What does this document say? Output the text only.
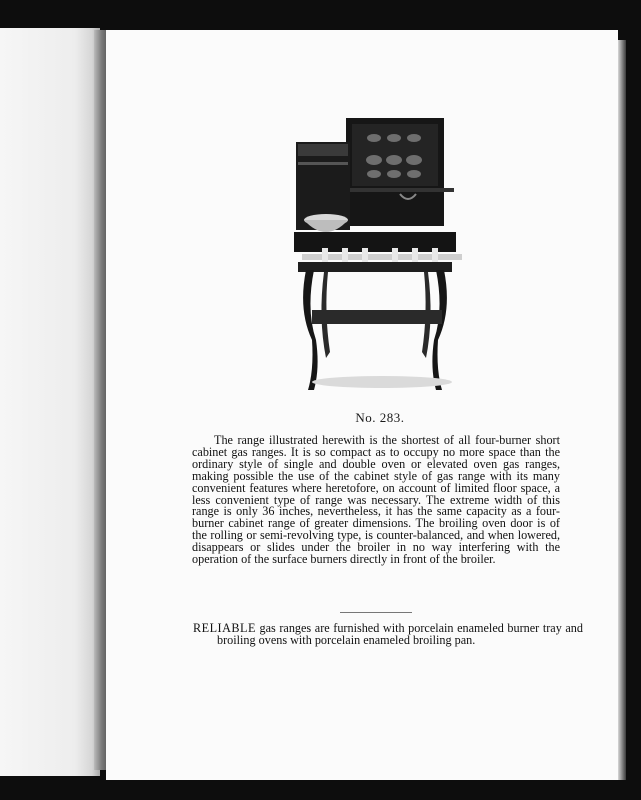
No. 283.

The range illustrated herewith is the shortest of all four-burner short cabinet gas ranges. It is so compact as to occupy no more space than the ordinary style of single and double oven or elevated oven gas ranges, making possible the use of the cabinet style of gas range with its many convenient features where heretofore, on account of limited floor space, a less convenient type of range was necessary. The extreme width of this range is only 36 inches, nevertheless, it has the same capacity as a four-burner cabinet range of greater dimensions. The broiling oven door is of the rolling or semi-revolving type, is counter-balanced, and when lowered, disappears or slides under the broiler in no way interfering with the operation of the surface burners directly in front of the broiler.

RELIABLE gas ranges are furnished with porcelain enameled burner tray and broiling ovens with porcelain enameled broiling pan.
